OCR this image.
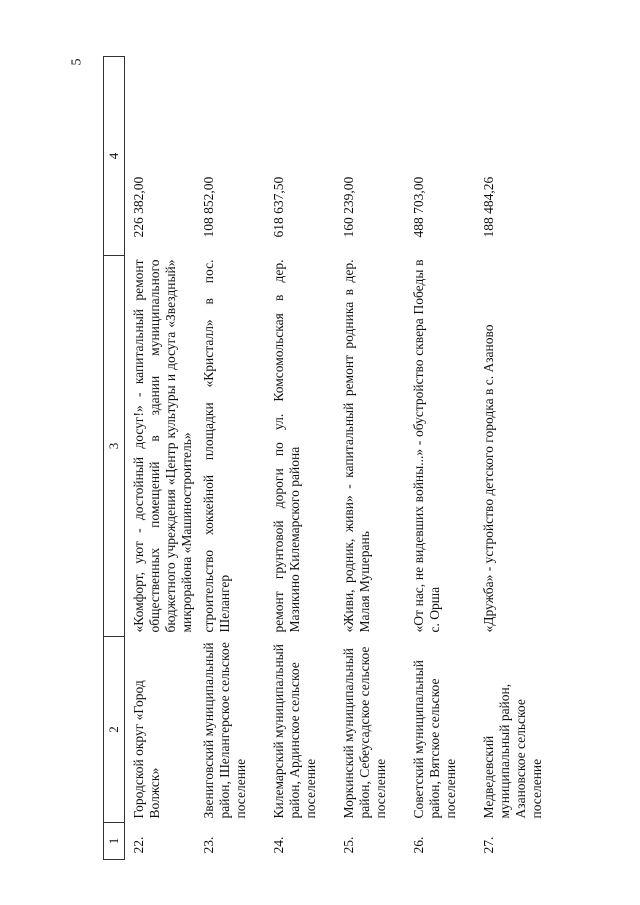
5
1	2	3	4
22.	Городской округ «Город Волжск»	«Комфорт, уют - достойный досуг!» - капитальный ремонт общественных помещений в здании муниципального бюджетного учреждения «Центр культуры и досуга «Звездный» микрорайона «Машиностроитель»	226 382,00
23.	Звениговский муниципальный район, Шелангерское сельское поселение	строительство хоккейной площадки «Кристалл» в пос. Шелангер	108 852,00
24.	Килемарский муниципальный район, Ардинское сельское поселение	ремонт грунтовой дороги по ул. Комсомольская в дер. Мазикино Килемарского района	618 637,50
25.	Моркинский муниципальный район, Себеусадское сельское поселение	«Живи, родник, живи» - капитальный ремонт родника в дер. Малая Мушерань	160 239,00
26.	Советский муниципальный район, Вятское сельское поселение	«От нас, не видевших войны...» - обустройство сквера Победы в с. Орша	488 703,00
27.	Медведевский муниципальный район, Азановское сельское поселение	«Дружба» - устройство детского городка в с. Азаново	188 484,26
